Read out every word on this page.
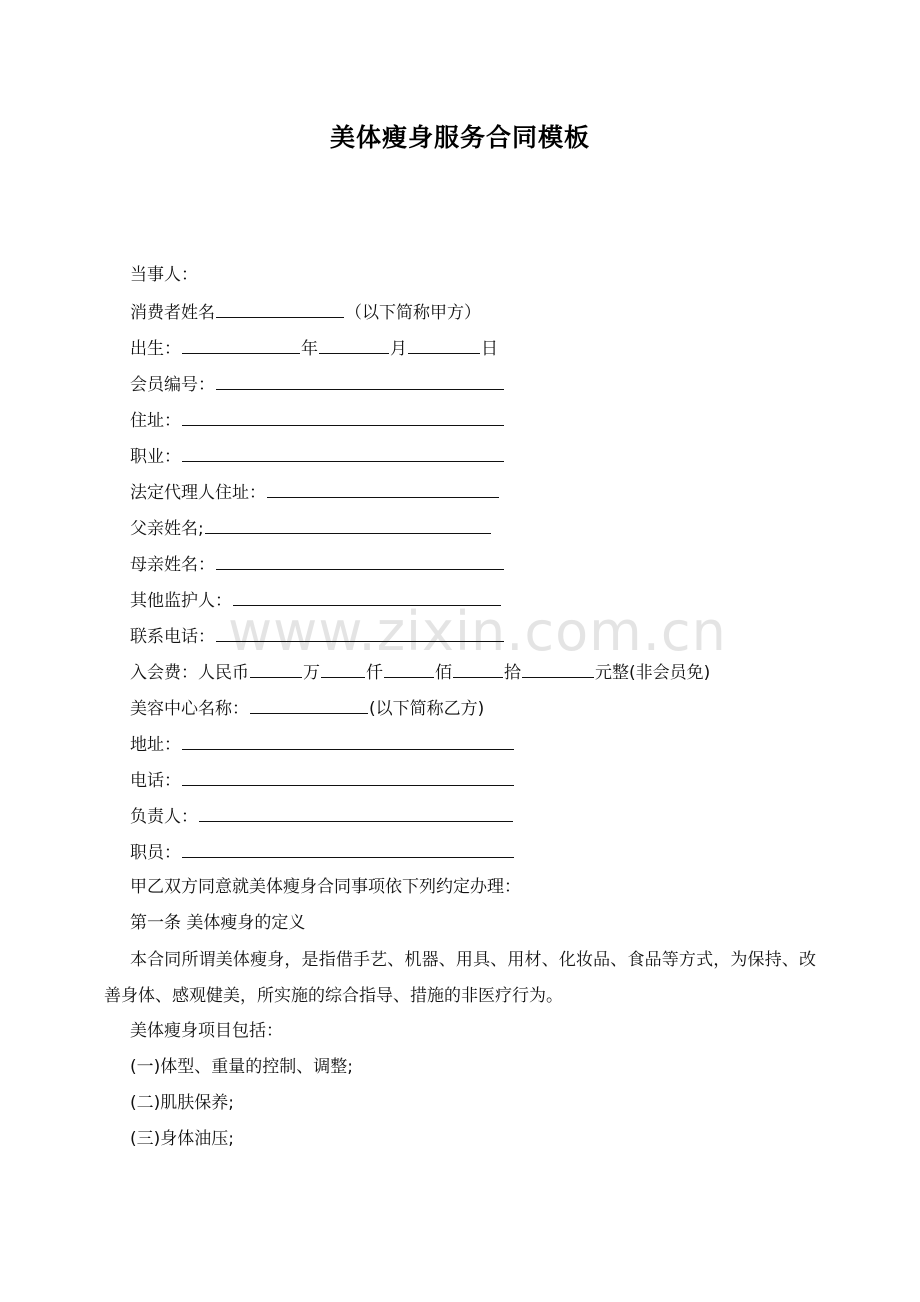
美体瘦身服务合同模板
www.zixin.com.cn
当事人：
消费者姓名	（以下简称甲方）
出生：	年	月	日
会员编号：
住址：
职业：
法定代理人住址：
父亲姓名;
母亲姓名：
其他监护人：
联系电话：
入会费：人民币	万	仟	佰	拾	元整(非会员免)
美容中心名称：	(以下简称乙方)
地址：
电话：
负责人：
职员：
甲乙双方同意就美体瘦身合同事项依下列约定办理：
第一条 美体瘦身的定义

本合同所谓美体瘦身，是指借手艺、机器、用具、用材、化妆品、食品等方式，为保持、改善身体、感观健美，所实施的综合指导、措施的非医疗行为。

美体瘦身项目包括：
(一)体型、重量的控制、调整;
(二)肌肤保养;
(三)身体油压;
